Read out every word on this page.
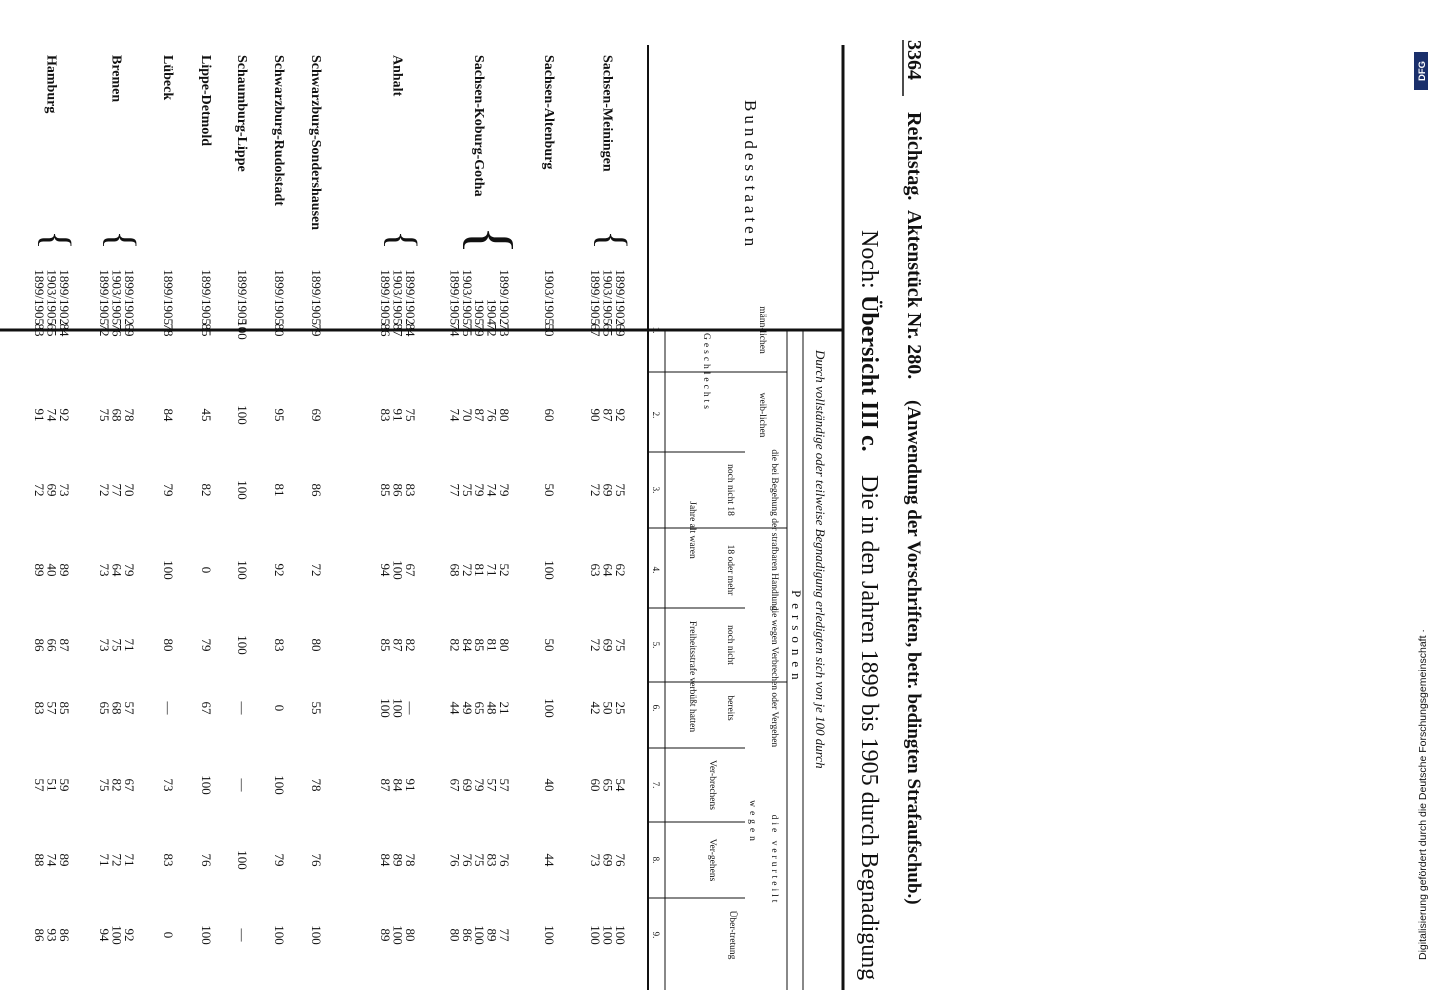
3364
Reichstag.
Aktenstück Nr. 280.
(Anwendung der Vorschriften, betr. bedingten Strafaufschub.)
Noch:
Übersicht III c.
Die in den Jahren 1899 bis 1905 durch Begnadigung
Bundesstaaten
Durch vollständige oder teilweise Begnadigung erledigten sich von je 100 durch
Personen
männ-lichen
weib-lichen
Geschlechts
die bei Begehung der strafbaren Handlung
noch nicht 18
18 oder mehr
Jahre alt waren
die wegen Verbrechen oder Vergehen
noch nicht
bereits
Freiheitsstrafe verbüßt hatten
die verurteilt
wegen
Ver-brechens
Ver-gehens
Über-tretung
1.
2.
3.
4.
5.
6.
7.
8.
9.
Sachsen-Meiningen
{
1899/1902
69
92
75
62
75
25
54
76
100
1903/1905
65
87
69
64
69
50
65
69
100
1899/1905
67
90
72
63
72
42
60
73
100
Sachsen-Altenburg
1903/1905
50
60
50
100
50
100
40
44
100
Sachsen-Koburg-Gotha
{
1899/1902
73
80
79
52
80
21
57
76
77
1904
72
76
74
71
81
48
57
83
89
1905
79
87
79
81
85
65
79
75
100
1903/1905
75
70
75
72
84
49
69
76
86
1899/1905
74
74
77
68
82
44
67
76
80
Anhalt
{
1899/1902
84
75
83
67
82
—
91
78
80
1903/1905
87
91
86
100
87
100
84
89
100
1899/1905
86
83
85
94
85
100
87
84
89
Schwarzburg-Sondershausen
1899/1905
79
69
86
72
80
55
78
76
100
Schwarzburg-Rudolstadt
1899/1905
80
95
81
92
83
0
100
79
100
Schaumburg-Lippe
1899/1905
100
100
100
100
100
—
—
100
—
Lippe-Detmold
1899/1905
85
45
82
0
79
67
100
76
100
Lübeck
1899/1905
78
84
79
100
80
—
73
83
0
Bremen
{
1899/1902
69
78
70
79
71
57
67
71
92
1903/1905
76
68
77
64
75
68
82
72
100
1899/1905
72
75
72
73
73
65
75
71
94
Hamburg
{
1899/1902
84
92
73
89
87
85
59
89
86
1903/1905
65
74
69
40
66
57
51
74
93
1899/1905
83
91
72
89
86
83
57
88
86	Digitalisierung gefördert durch die Deutsche Forschungsgemeinschaft ·
DFG
